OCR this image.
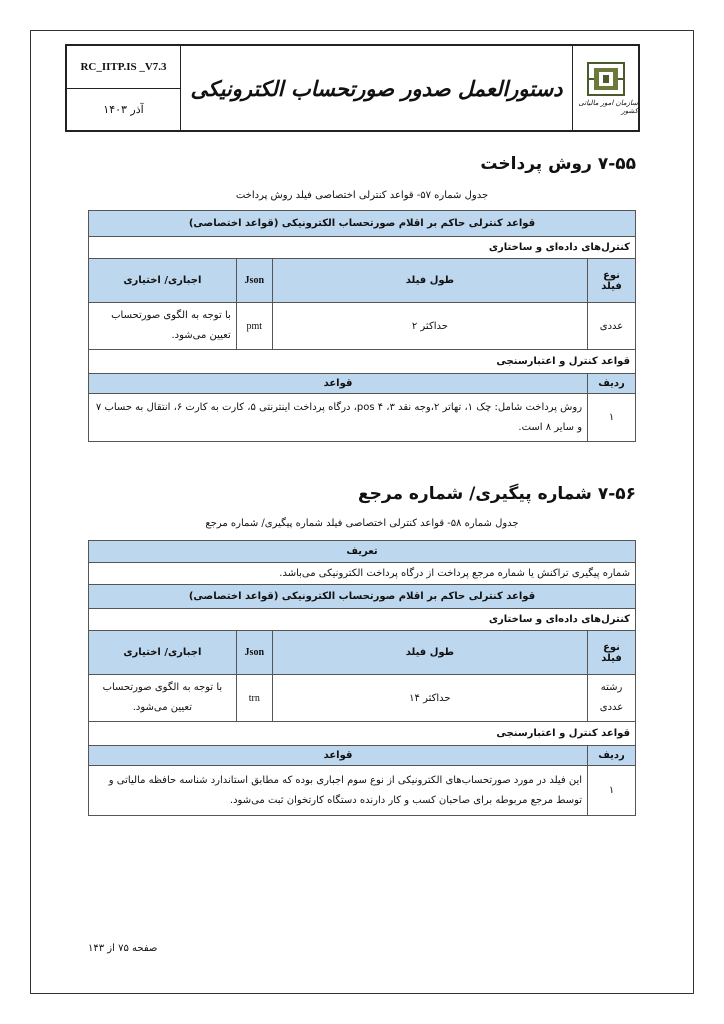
RC_IITP.IS _V7.3
آذر ۱۴۰۳
دستورالعمل صدور صورتحساب الکترونیکی
سازمان امور مالیاتی کشور
۷-۵۵ روش پرداخت
جدول شماره ۵۷- قواعد کنترلی اختصاصی فیلد روش پرداخت
قواعد کنترلی حاکم بر اقلام صورتحساب الکترونیکی (قواعد اختصاصی)			
کنترل‌های داده‌ای و ساختاری			
نوع فیلد	طول فیلد	Json	اجباری/ اختیاری
عددی	حداکثر ۲	pmt	با توجه به الگوی صورتحساب تعیین می‌شود.
قواعد کنترل و اعتبارسنجی			
ردیف	قواعد		
۱	روش پرداخت شامل: چک ۱، تهاتر ۲،وجه نقد ۳، pos ۴، درگاه پرداخت اینترنتی ۵، کارت به کارت ۶، انتقال به حساب ۷ و سایر ۸ است.		
۷-۵۶ شماره پیگیری/ شماره مرجع
جدول شماره ۵۸- قواعد کنترلی اختصاصی فیلد شماره پیگیری/ شماره مرجع
تعریف			
شماره پیگیری تراکنش یا شماره مرجع پرداخت از درگاه پرداخت الکترونیکی می‌باشد.			
قواعد کنترلی حاکم بر اقلام صورتحساب الکترونیکی (قواعد اختصاصی)			
کنترل‌های داده‌ای و ساختاری			
نوع فیلد	طول فیلد	Json	اجباری/ اختیاری
رشته عددی	حداکثر ۱۴	trn	با توجه به الگوی صورتحساب تعیین می‌شود.
قواعد کنترل و اعتبارسنجی			
ردیف	قواعد		
۱	این فیلد در مورد صورتحساب‌های الکترونیکی از نوع سوم اجباری بوده که مطابق استاندارد شناسه حافظه مالیاتی و توسط مرجع مربوطه برای صاحبان کسب و کار دارنده دستگاه کارتخوان ثبت می‌شود.		
صفحه ۷۵ از ۱۴۳
